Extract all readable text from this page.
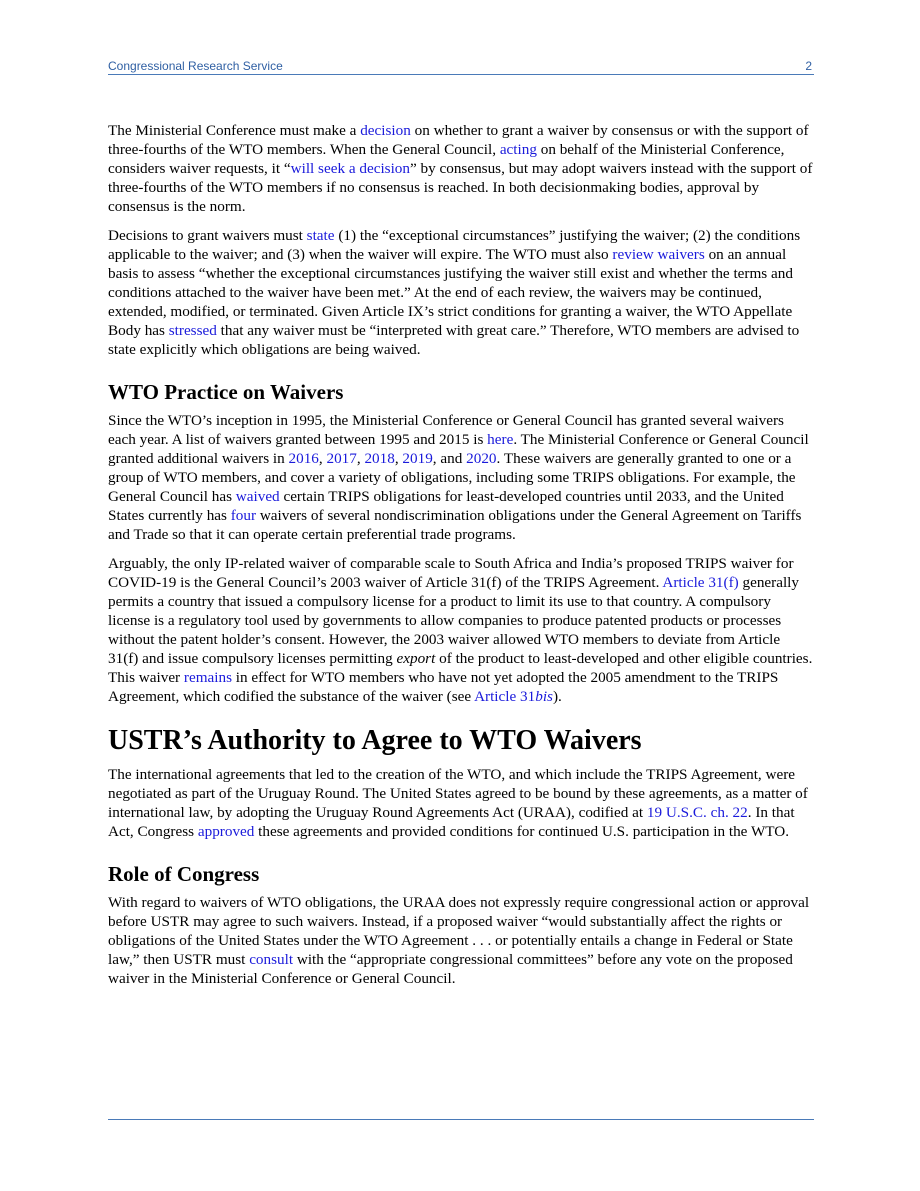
Congressional Research Service	2

The Ministerial Conference must make a decision on whether to grant a waiver by consensus or with the support of three-fourths of the WTO members. When the General Council, acting on behalf of the Ministerial Conference, considers waiver requests, it “will seek a decision” by consensus, but may adopt waivers instead with the support of three-fourths of the WTO members if no consensus is reached. In both decisionmaking bodies, approval by consensus is the norm.

Decisions to grant waivers must state (1) the “exceptional circumstances” justifying the waiver; (2) the conditions applicable to the waiver; and (3) when the waiver will expire. The WTO must also review waivers on an annual basis to assess “whether the exceptional circumstances justifying the waiver still exist and whether the terms and conditions attached to the waiver have been met.” At the end of each review, the waivers may be continued, extended, modified, or terminated. Given Article IX’s strict conditions for granting a waiver, the WTO Appellate Body has stressed that any waiver must be “interpreted with great care.” Therefore, WTO members are advised to state explicitly which obligations are being waived.

WTO Practice on Waivers

Since the WTO’s inception in 1995, the Ministerial Conference or General Council has granted several waivers each year. A list of waivers granted between 1995 and 2015 is here. The Ministerial Conference or General Council granted additional waivers in 2016, 2017, 2018, 2019, and 2020. These waivers are generally granted to one or a group of WTO members, and cover a variety of obligations, including some TRIPS obligations. For example, the General Council has waived certain TRIPS obligations for least-developed countries until 2033, and the United States currently has four waivers of several nondiscrimination obligations under the General Agreement on Tariffs and Trade so that it can operate certain preferential trade programs.

Arguably, the only IP-related waiver of comparable scale to South Africa and India’s proposed TRIPS waiver for COVID-19 is the General Council’s 2003 waiver of Article 31(f) of the TRIPS Agreement. Article 31(f) generally permits a country that issued a compulsory license for a product to limit its use to that country. A compulsory license is a regulatory tool used by governments to allow companies to produce patented products or processes without the patent holder’s consent. However, the 2003 waiver allowed WTO members to deviate from Article 31(f) and issue compulsory licenses permitting export of the product to least-developed and other eligible countries. This waiver remains in effect for WTO members who have not yet adopted the 2005 amendment to the TRIPS Agreement, which codified the substance of the waiver (see Article 31bis).

USTR’s Authority to Agree to WTO Waivers

The international agreements that led to the creation of the WTO, and which include the TRIPS Agreement, were negotiated as part of the Uruguay Round. The United States agreed to be bound by these agreements, as a matter of international law, by adopting the Uruguay Round Agreements Act (URAA), codified at 19 U.S.C. ch. 22. In that Act, Congress approved these agreements and provided conditions for continued U.S. participation in the WTO.

Role of Congress

With regard to waivers of WTO obligations, the URAA does not expressly require congressional action or approval before USTR may agree to such waivers. Instead, if a proposed waiver “would substantially affect the rights or obligations of the United States under the WTO Agreement . . . or potentially entails a change in Federal or State law,” then USTR must consult with the “appropriate congressional committees” before any vote on the proposed waiver in the Ministerial Conference or General Council.
